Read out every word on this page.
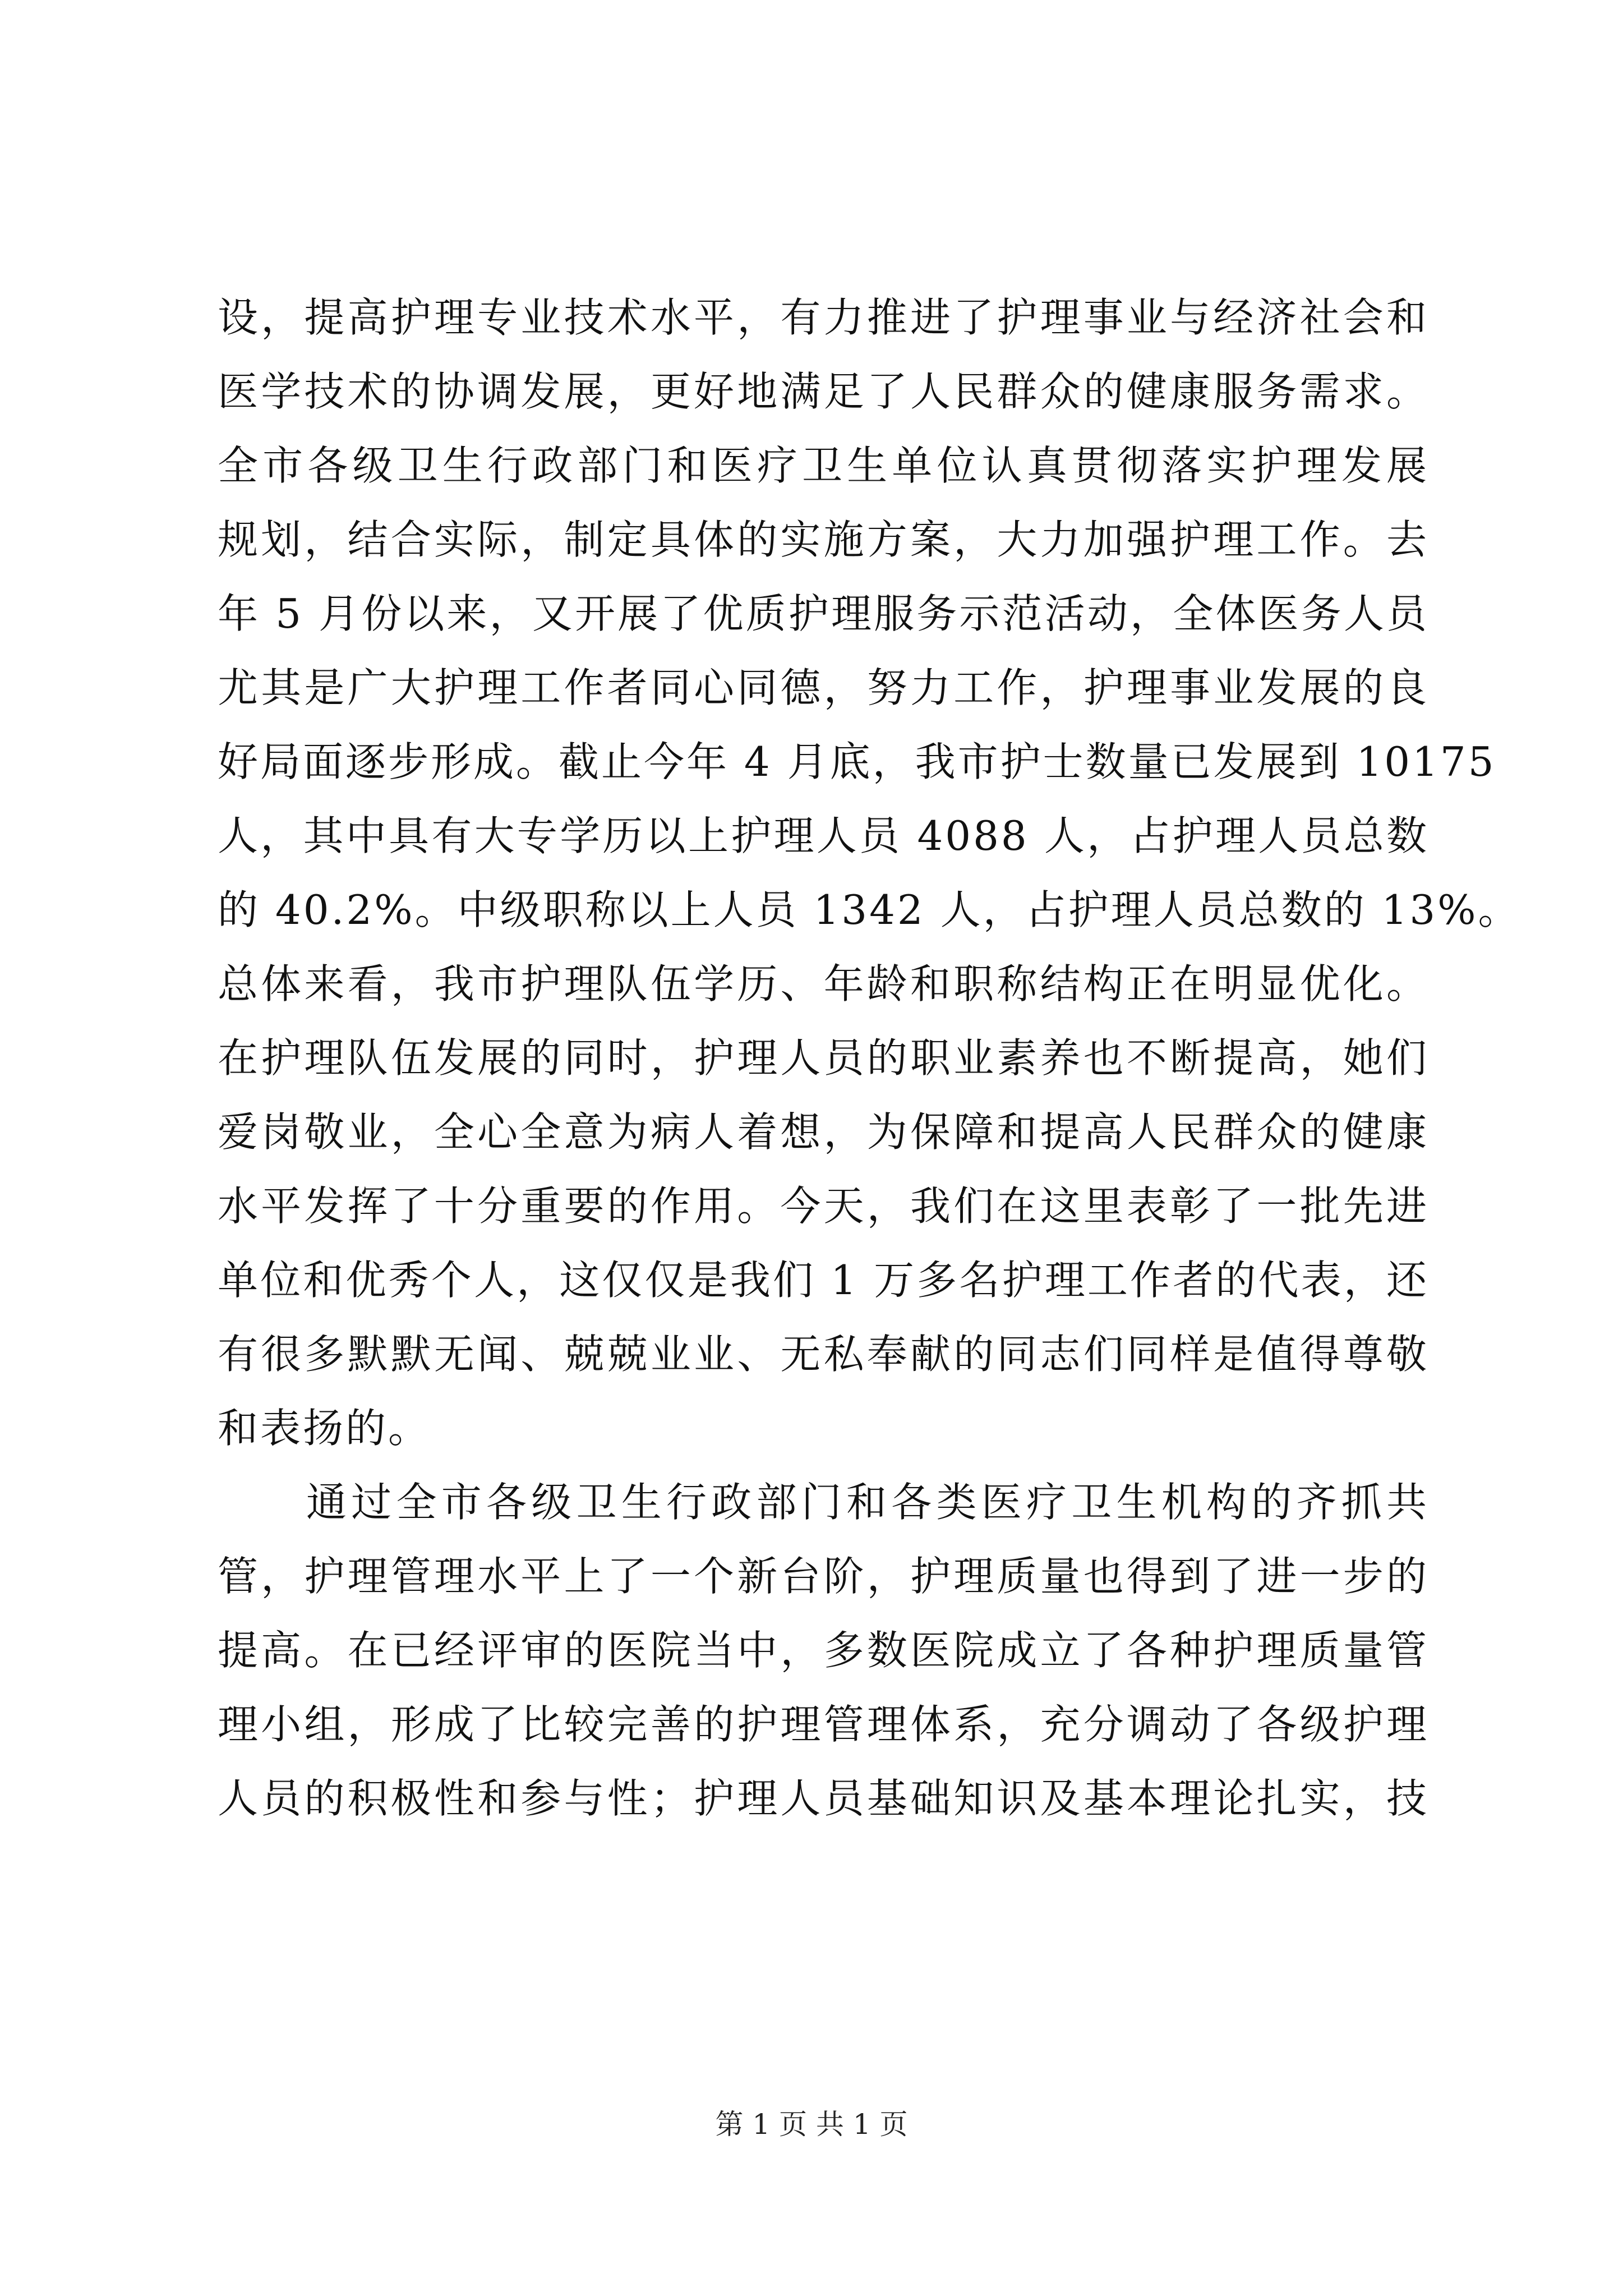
设，提高护理专业技术水平，有力推进了护理事业与经济社会和
医学技术的协调发展，更好地满足了人民群众的健康服务需求。
全市各级卫生行政部门和医疗卫生单位认真贯彻落实护理发展
规划，结合实际，制定具体的实施方案，大力加强护理工作。去
年 5 月份以来，又开展了优质护理服务示范活动，全体医务人员
尤其是广大护理工作者同心同德，努力工作，护理事业发展的良
好局面逐步形成。截止今年 4 月底，我市护士数量已发展到 10175
人，其中具有大专学历以上护理人员 4088 人，占护理人员总数
的 40.2%。中级职称以上人员 1342 人，占护理人员总数的 13%。
总体来看，我市护理队伍学历、年龄和职称结构正在明显优化。
在护理队伍发展的同时，护理人员的职业素养也不断提高，她们
爱岗敬业，全心全意为病人着想，为保障和提高人民群众的健康
水平发挥了十分重要的作用。今天，我们在这里表彰了一批先进
单位和优秀个人，这仅仅是我们 1 万多名护理工作者的代表，还
有很多默默无闻、兢兢业业、无私奉献的同志们同样是值得尊敬
和表扬的。
通过全市各级卫生行政部门和各类医疗卫生机构的齐抓共
管，护理管理水平上了一个新台阶，护理质量也得到了进一步的
提高。在已经评审的医院当中，多数医院成立了各种护理质量管
理小组，形成了比较完善的护理管理体系，充分调动了各级护理
人员的积极性和参与性；护理人员基础知识及基本理论扎实，技
第 1 页 共 1 页
